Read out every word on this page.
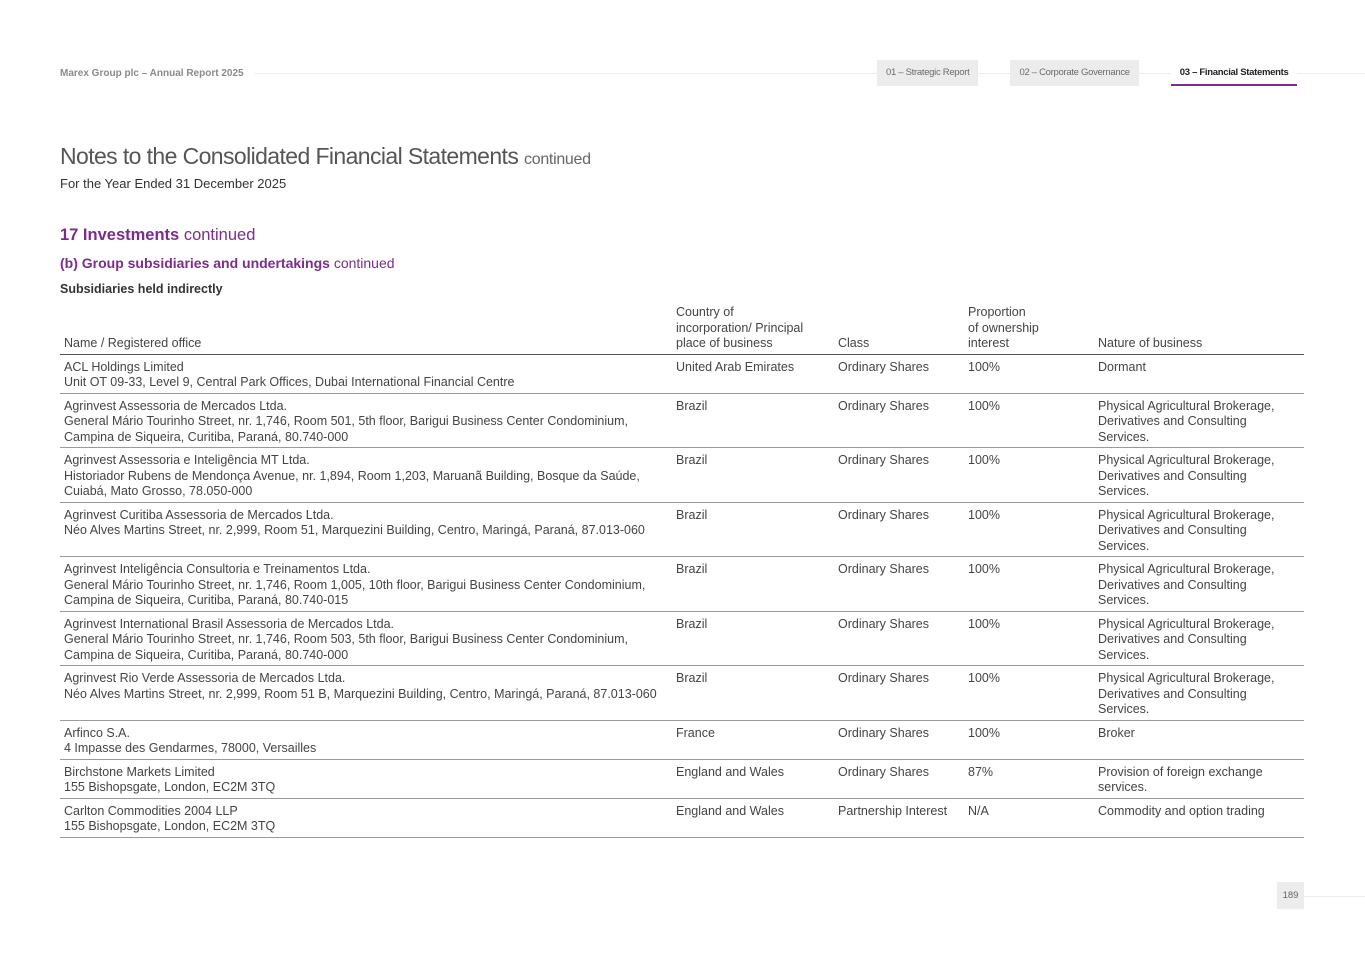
Marex Group plc – Annual Report 2025	01 – Strategic Report	02 – Corporate Governance	03 – Financial Statements
Notes to the Consolidated Financial Statements continued
For the Year Ended 31 December 2025
17 Investments continued
(b) Group subsidiaries and undertakings continued
Subsidiaries held indirectly
Name / Registered office	Country of
incorporation/ Principal
place of business	Class	Proportion
of ownership
interest	Nature of business

ACL Holdings Limited
Unit OT 09-33, Level 9, Central Park Offices, Dubai International Financial Centre	United Arab Emirates	Ordinary Shares	100%	Dormant

Agrinvest Assessoria de Mercados Ltda.
General Mário Tourinho Street, nr. 1,746, Room 501, 5th floor, Barigui Business Center Condominium, Campina de Siqueira, Curitiba, Paraná, 80.740-000	Brazil	Ordinary Shares	100%	Physical Agricultural Brokerage, Derivatives and Consulting Services.

Agrinvest Assessoria e Inteligência MT Ltda.
Historiador Rubens de Mendonça Avenue, nr. 1,894, Room 1,203, Maruanã Building, Bosque da Saúde, Cuiabá, Mato Grosso, 78.050-000	Brazil	Ordinary Shares	100%	Physical Agricultural Brokerage, Derivatives and Consulting Services.

Agrinvest Curitiba Assessoria de Mercados Ltda.
Néo Alves Martins Street, nr. 2,999, Room 51, Marquezini Building, Centro, Maringá, Paraná, 87.013-060	Brazil	Ordinary Shares	100%	Physical Agricultural Brokerage, Derivatives and Consulting Services.

Agrinvest Inteligência Consultoria e Treinamentos Ltda.
General Mário Tourinho Street, nr. 1,746, Room 1,005, 10th floor, Barigui Business Center Condominium, Campina de Siqueira, Curitiba, Paraná, 80.740-015	Brazil	Ordinary Shares	100%	Physical Agricultural Brokerage, Derivatives and Consulting Services.

Agrinvest International Brasil Assessoria de Mercados Ltda.
General Mário Tourinho Street, nr. 1,746, Room 503, 5th floor, Barigui Business Center Condominium, Campina de Siqueira, Curitiba, Paraná, 80.740-000	Brazil	Ordinary Shares	100%	Physical Agricultural Brokerage, Derivatives and Consulting Services.

Agrinvest Rio Verde Assessoria de Mercados Ltda.
Néo Alves Martins Street, nr. 2,999, Room 51 B, Marquezini Building, Centro, Maringá, Paraná, 87.013-060	Brazil	Ordinary Shares	100%	Physical Agricultural Brokerage, Derivatives and Consulting Services.

Arfinco S.A.
4 Impasse des Gendarmes, 78000, Versailles	France	Ordinary Shares	100%	Broker

Birchstone Markets Limited
155 Bishopsgate, London, EC2M 3TQ	England and Wales	Ordinary Shares	87%	Provision of foreign exchange services.

Carlton Commodities 2004 LLP
155 Bishopsgate, London, EC2M 3TQ	England and Wales	Partnership Interest	N/A	Commodity and option trading
189
